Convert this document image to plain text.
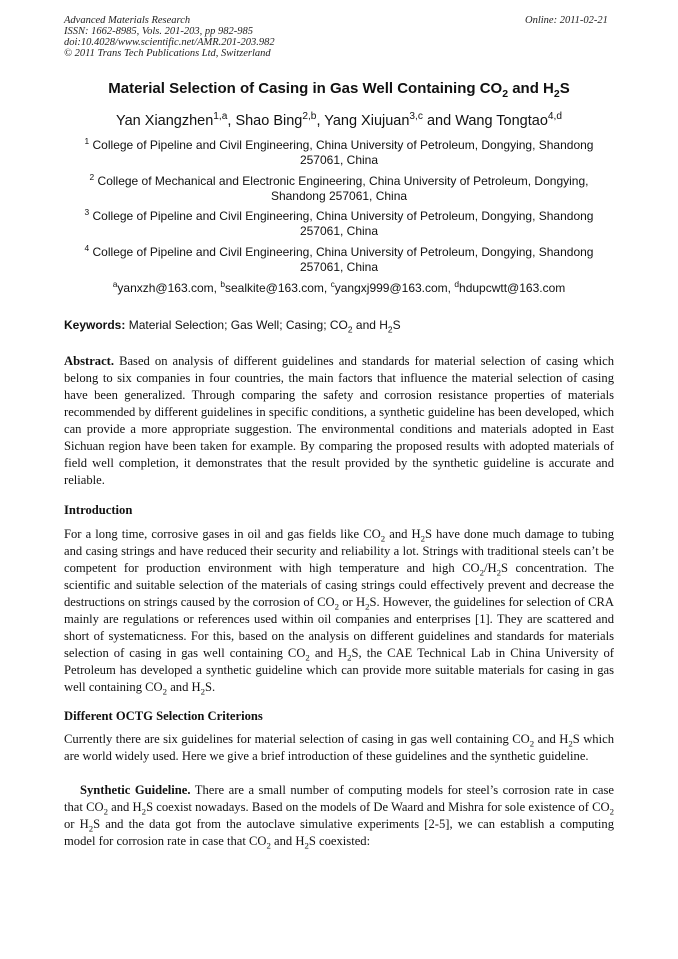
Advanced Materials Research
ISSN: 1662-8985, Vols. 201-203, pp 982-985
doi:10.4028/www.scientific.net/AMR.201-203.982
© 2011 Trans Tech Publications Ltd, Switzerland
Online: 2011-02-21
Material Selection of Casing in Gas Well Containing $CO_2$ and $H_2S$
Yan Xiangzhen$^{1,a}$, Shao Bing$^{2,b}$, Yang Xiujuan$^{3,c}$ and Wang Tongtao$^{4,d}$
$^1$ College of Pipeline and Civil Engineering, China University of Petroleum, Dongying, Shandong
257061, China
$^2$ College of Mechanical and Electronic Engineering, China University of Petroleum, Dongying,
Shandong 257061, China
$^3$ College of Pipeline and Civil Engineering, China University of Petroleum, Dongying, Shandong
257061, China
$^4$ College of Pipeline and Civil Engineering, China University of Petroleum, Dongying, Shandong
257061, China
$^a$yanxzh@163.com, $^b$sealkite@163.com, $^c$yangxj999@163.com, $^d$hdupcwtt@163.com
Keywords: Material Selection; Gas Well; Casing; $CO_2$ and $H_2S$
Abstract. Based on analysis of different guidelines and standards for material selection of casing which belong to six companies in four countries, the main factors that influence the material selection of casing have been generalized. Through comparing the safety and corrosion resistance properties of materials recommended by different guidelines in specific conditions, a synthetic guideline has been developed, which can provide a more appropriate suggestion. The environmental conditions and materials adopted in East Sichuan region have been taken for example. By comparing the proposed results with adopted materials of field well completion, it demonstrates that the result provided by the synthetic guideline is accurate and reliable.
Introduction
For a long time, corrosive gases in oil and gas fields like $CO_2$ and $H_2S$ have done much damage to tubing and casing strings and have reduced their security and reliability a lot. Strings with traditional steels can’t be competent for production environment with high temperature and high $CO_2/H_2S$ concentration. The scientific and suitable selection of the materials of casing strings could effectively prevent and decrease the destructions on strings caused by the corrosion of $CO_2$ or $H_2S$. However, the guidelines for selection of CRA mainly are regulations or references used within oil companies and enterprises [1]. They are scattered and short of systematicness. For this, based on the analysis on different guidelines and standards for materials selection of casing in gas well containing $CO_2$ and $H_2S$, the CAE Technical Lab in China University of Petroleum has developed a synthetic guideline which can provide more suitable materials for casing in gas well containing $CO_2$ and $H_2S$.
Different OCTG Selection Criterions
Currently there are six guidelines for material selection of casing in gas well containing $CO_2$ and $H_2S$ which are world widely used. Here we give a brief introduction of these guidelines and the synthetic guideline.
Synthetic Guideline. There are a small number of computing models for steel’s corrosion rate in case that $CO_2$ and $H_2S$ coexist nowadays. Based on the models of De Waard and Mishra for sole existence of $CO_2$ or $H_2S$ and the data got from the autoclave simulative experiments [2-5], we can establish a computing model for corrosion rate in case that $CO_2$ and $H_2S$ coexisted:
